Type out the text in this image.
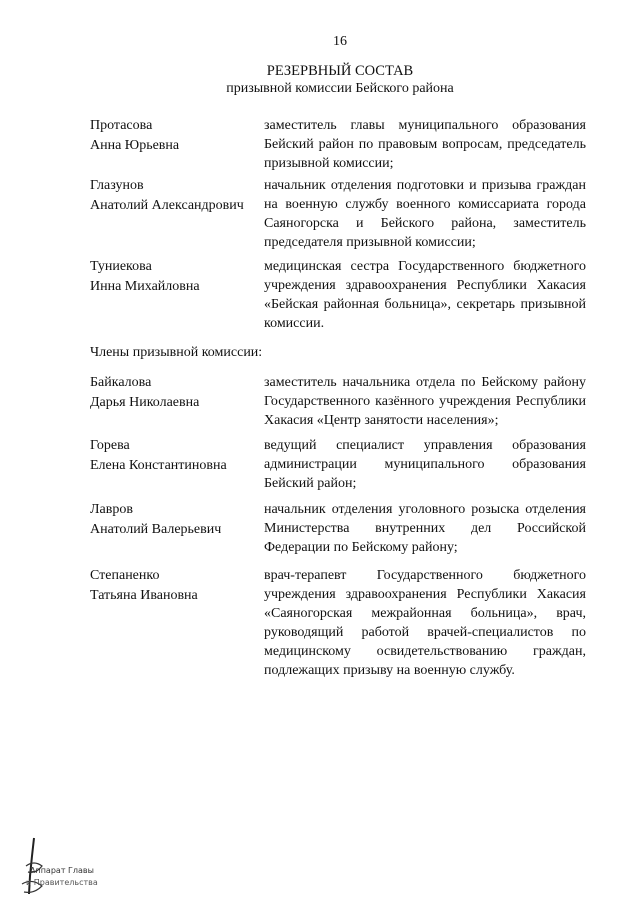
16
РЕЗЕРВНЫЙ СОСТАВ
призывной комиссии Бейского района
Протасова
Анна Юрьевна
заместитель главы муниципального образования Бейский район по правовым вопросам, председатель призывной комиссии;
Глазунов
Анатолий Александрович
начальник отделения подготовки и призыва граждан на военную службу военного комиссариата города Саяногорска и Бейского района, заместитель председателя призывной комиссии;
Туниекова
Инна Михайловна
медицинская сестра Государственного бюджетного учреждения здравоохранения Республики Хакасия «Бейская районная больница», секретарь призывной комиссии.
Члены призывной комиссии:
Байкалова
Дарья Николаевна
заместитель начальника отдела по Бейскому району Государственного казённого учреждения Республики Хакасия «Центр занятости населения»;
Горева
Елена Константиновна
ведущий специалист управления образования администрации муниципального образования Бейский район;
Лавров
Анатолий Валерьевич
начальник отделения уголовного розыска отделения Министерства внутренних дел Российской Федерации по Бейскому району;
Степаненко
Татьяна Ивановна
врач-терапевт Государственного бюджетного учреждения здравоохранения Республики Хакасия «Саяногорская межрайонная больница», врач, руководящий работой врачей-специалистов по медицинскому освидетельствованию граждан, подлежащих призыву на военную службу.
Аппарат Главы
и Правительства
